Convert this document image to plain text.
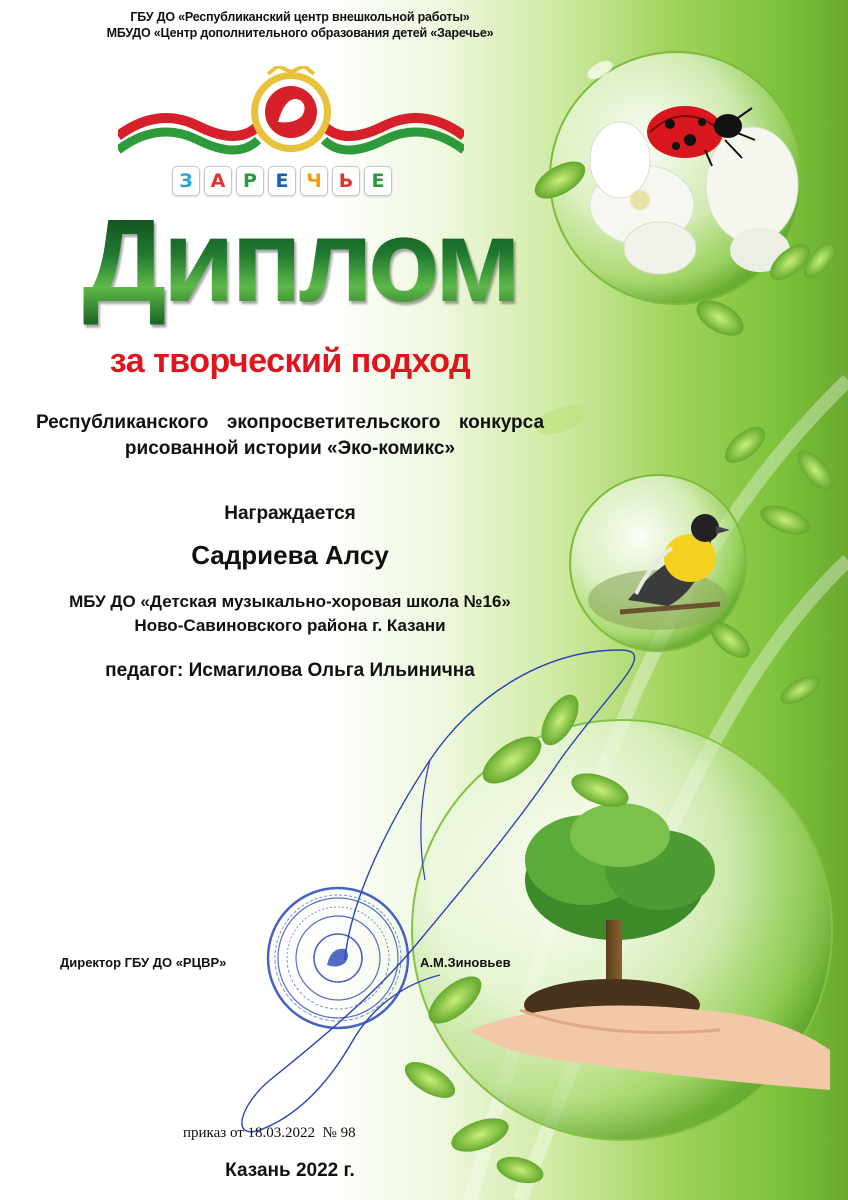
ГБУ ДО «Республиканский центр внешкольной работы»
МБУДО «Центр дополнительного образования детей «Заречье»
З А Р Е Ч Ь Е
Диплом
за творческий подход
Республиканского  экопросветительского  конкурса
рисованной истории «Эко-комикс»
Награждается
Садриева Алсу
МБУ ДО «Детская музыкально-хоровая школа №16»
Ново-Савиновского района г. Казани
педагог: Исмагилова Ольга Ильинична
Директор ГБУ ДО «РЦВР»	А.М.Зиновьев
приказ от 18.03.2022  № 98
Казань 2022 г.
